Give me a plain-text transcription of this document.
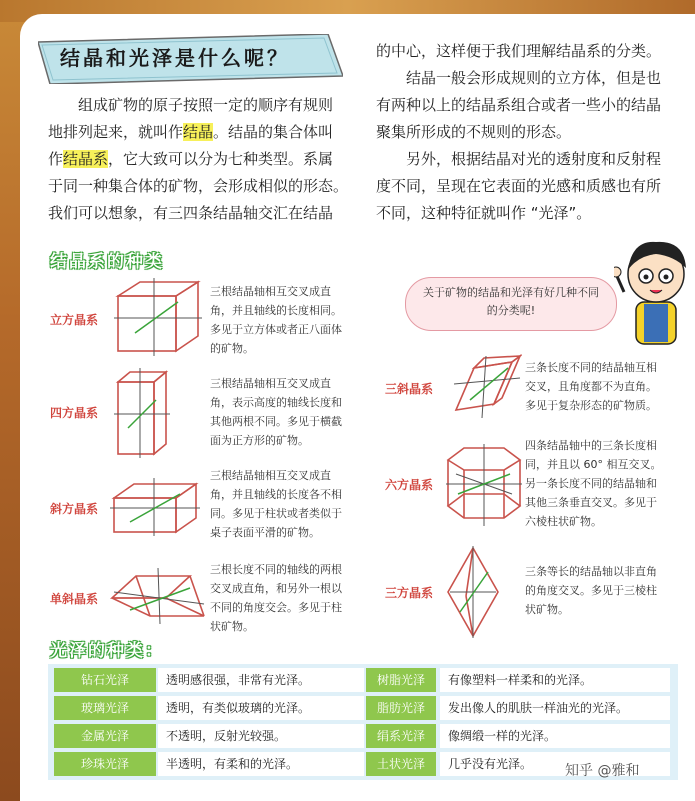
结晶和光泽是什么呢？
组成矿物的原子按照一定的顺序有规则
地排列起来，就叫作结晶。结晶的集合体叫
作结晶系，它大致可以分为七种类型。系属
于同一种集合体的矿物，会形成相似的形态。
我们可以想象，有三四条结晶轴交汇在结晶
的中心，这样便于我们理解结晶系的分类。
结晶一般会形成规则的立方体，但是也
有两种以上的结晶系组合或者一些小的结晶
聚集所形成的不规则的形态。
另外，根据结晶对光的透射度和反射程
度不同，呈现在它表面的光感和质感也有所
不同，这种特征就叫作 “光泽”。
结晶系的种类
立方晶系
三根结晶轴相互交叉成直
角，并且轴线的长度相同。
多见于立方体或者正八面体
的矿物。
四方晶系
三根结晶轴相互交叉成直
角，表示高度的轴线长度和
其他两根不同。多见于横截
面为正方形的矿物。
斜方晶系
三根结晶轴相互交叉成直
角，并且轴线的长度各不相
同。多见于柱状或者类似于
桌子表面平滑的矿物。
单斜晶系
三根长度不同的轴线的两根
交叉成直角，和另外一根以
不同的角度交会。多见于柱
状矿物。
关于矿物的结晶和光泽有好几种不同的分类呢!
三斜晶系
三条长度不同的结晶轴互相
交叉，且角度都不为直角。
多见于复杂形态的矿物质。
六方晶系
四条结晶轴中的三条长度相
同，并且以 60° 相互交叉。
另一条长度不同的结晶轴和
其他三条垂直交叉。多见于
六棱柱状矿物。
三方晶系
三条等长的结晶轴以非直角
的角度交叉。多见于三棱柱
状矿物。
光泽的种类：
钻石光泽	透明感很强，非常有光泽。
玻璃光泽	透明，有类似玻璃的光泽。
金属光泽	不透明，反射光较强。
珍珠光泽	半透明，有柔和的光泽。
树脂光泽	有像塑料一样柔和的光泽。
脂肪光泽	发出像人的肌肤一样油光的光泽。
绢系光泽	像绸缎一样的光泽。
土状光泽	几乎没有光泽。	知乎 @雅和
